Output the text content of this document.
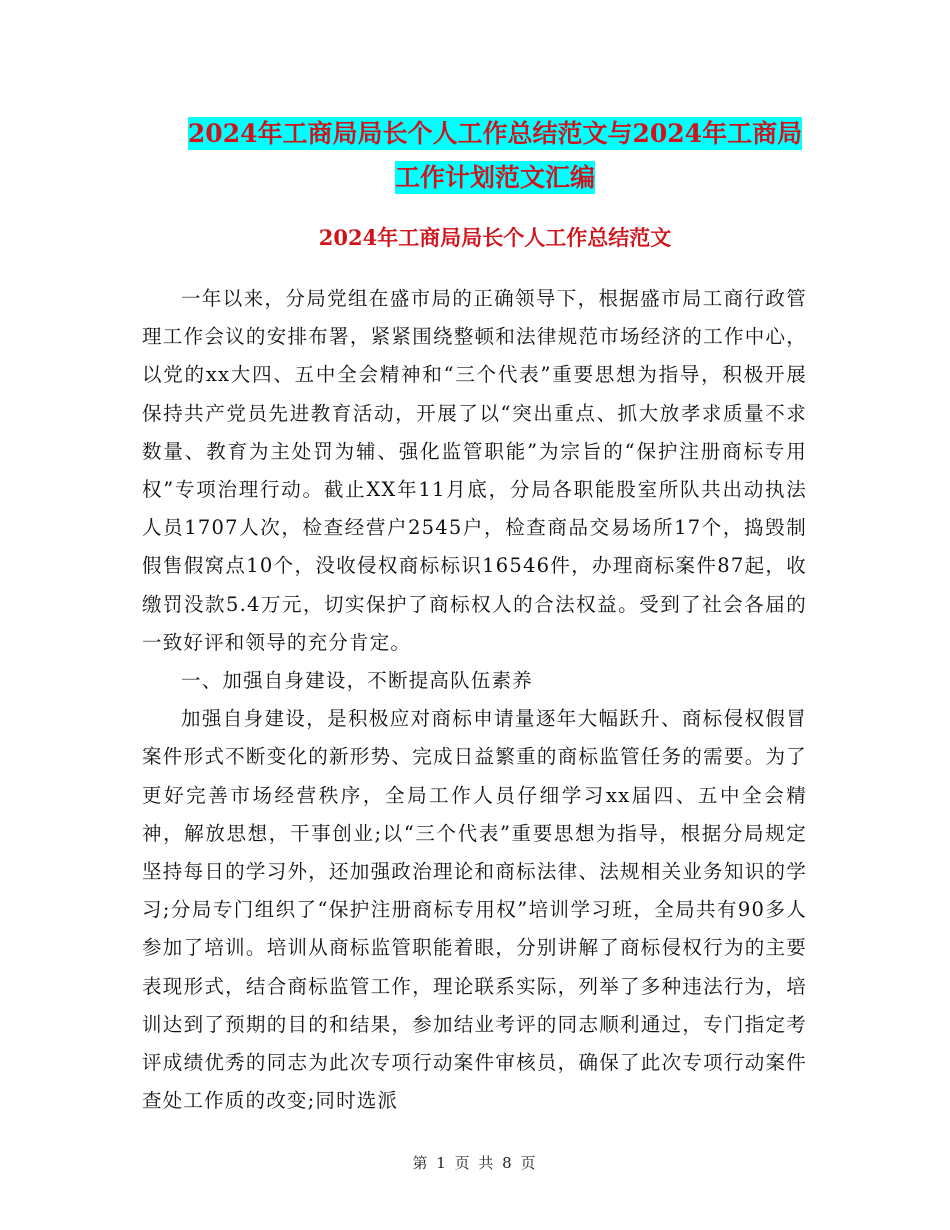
2024年工商局局长个人工作总结范文与2024年工商局
工作计划范文汇编
2024年工商局局长个人工作总结范文

一年以来，分局党组在盛市局的正确领导下，根据盛市局工商行政管理工作会议的安排布署，紧紧围绕整顿和法律规范市场经济的工作中心，以党的xx大四、五中全会精神和“三个代表”重要思想为指导，积极开展保持共产党员先进教育活动，开展了以“突出重点、抓大放孝求质量不求数量、教育为主处罚为辅、强化监管职能”为宗旨的“保护注册商标专用权”专项治理行动。截止XX年11月底，分局各职能股室所队共出动执法人员1707人次，检查经营户2545户，检查商品交易场所17个，捣毁制假售假窝点10个，没收侵权商标标识16546件，办理商标案件87起，收缴罚没款5.4万元，切实保护了商标权人的合法权益。受到了社会各届的一致好评和领导的充分肯定。

一、加强自身建设，不断提高队伍素养

加强自身建设，是积极应对商标申请量逐年大幅跃升、商标侵权假冒案件形式不断变化的新形势、完成日益繁重的商标监管任务的需要。为了更好完善市场经营秩序，全局工作人员仔细学习xx届四、五中全会精神，解放思想，干事创业;以“三个代表”重要思想为指导，根据分局规定坚持每日的学习外，还加强政治理论和商标法律、法规相关业务知识的学习;分局专门组织了“保护注册商标专用权”培训学习班，全局共有90多人参加了培训。培训从商标监管职能着眼，分别讲解了商标侵权行为的主要表现形式，结合商标监管工作，理论联系实际，列举了多种违法行为，培训达到了预期的目的和结果，参加结业考评的同志顺利通过，专门指定考评成绩优秀的同志为此次专项行动案件审核员，确保了此次专项行动案件查处工作质的改变;同时选派

第 1 页 共 8 页
